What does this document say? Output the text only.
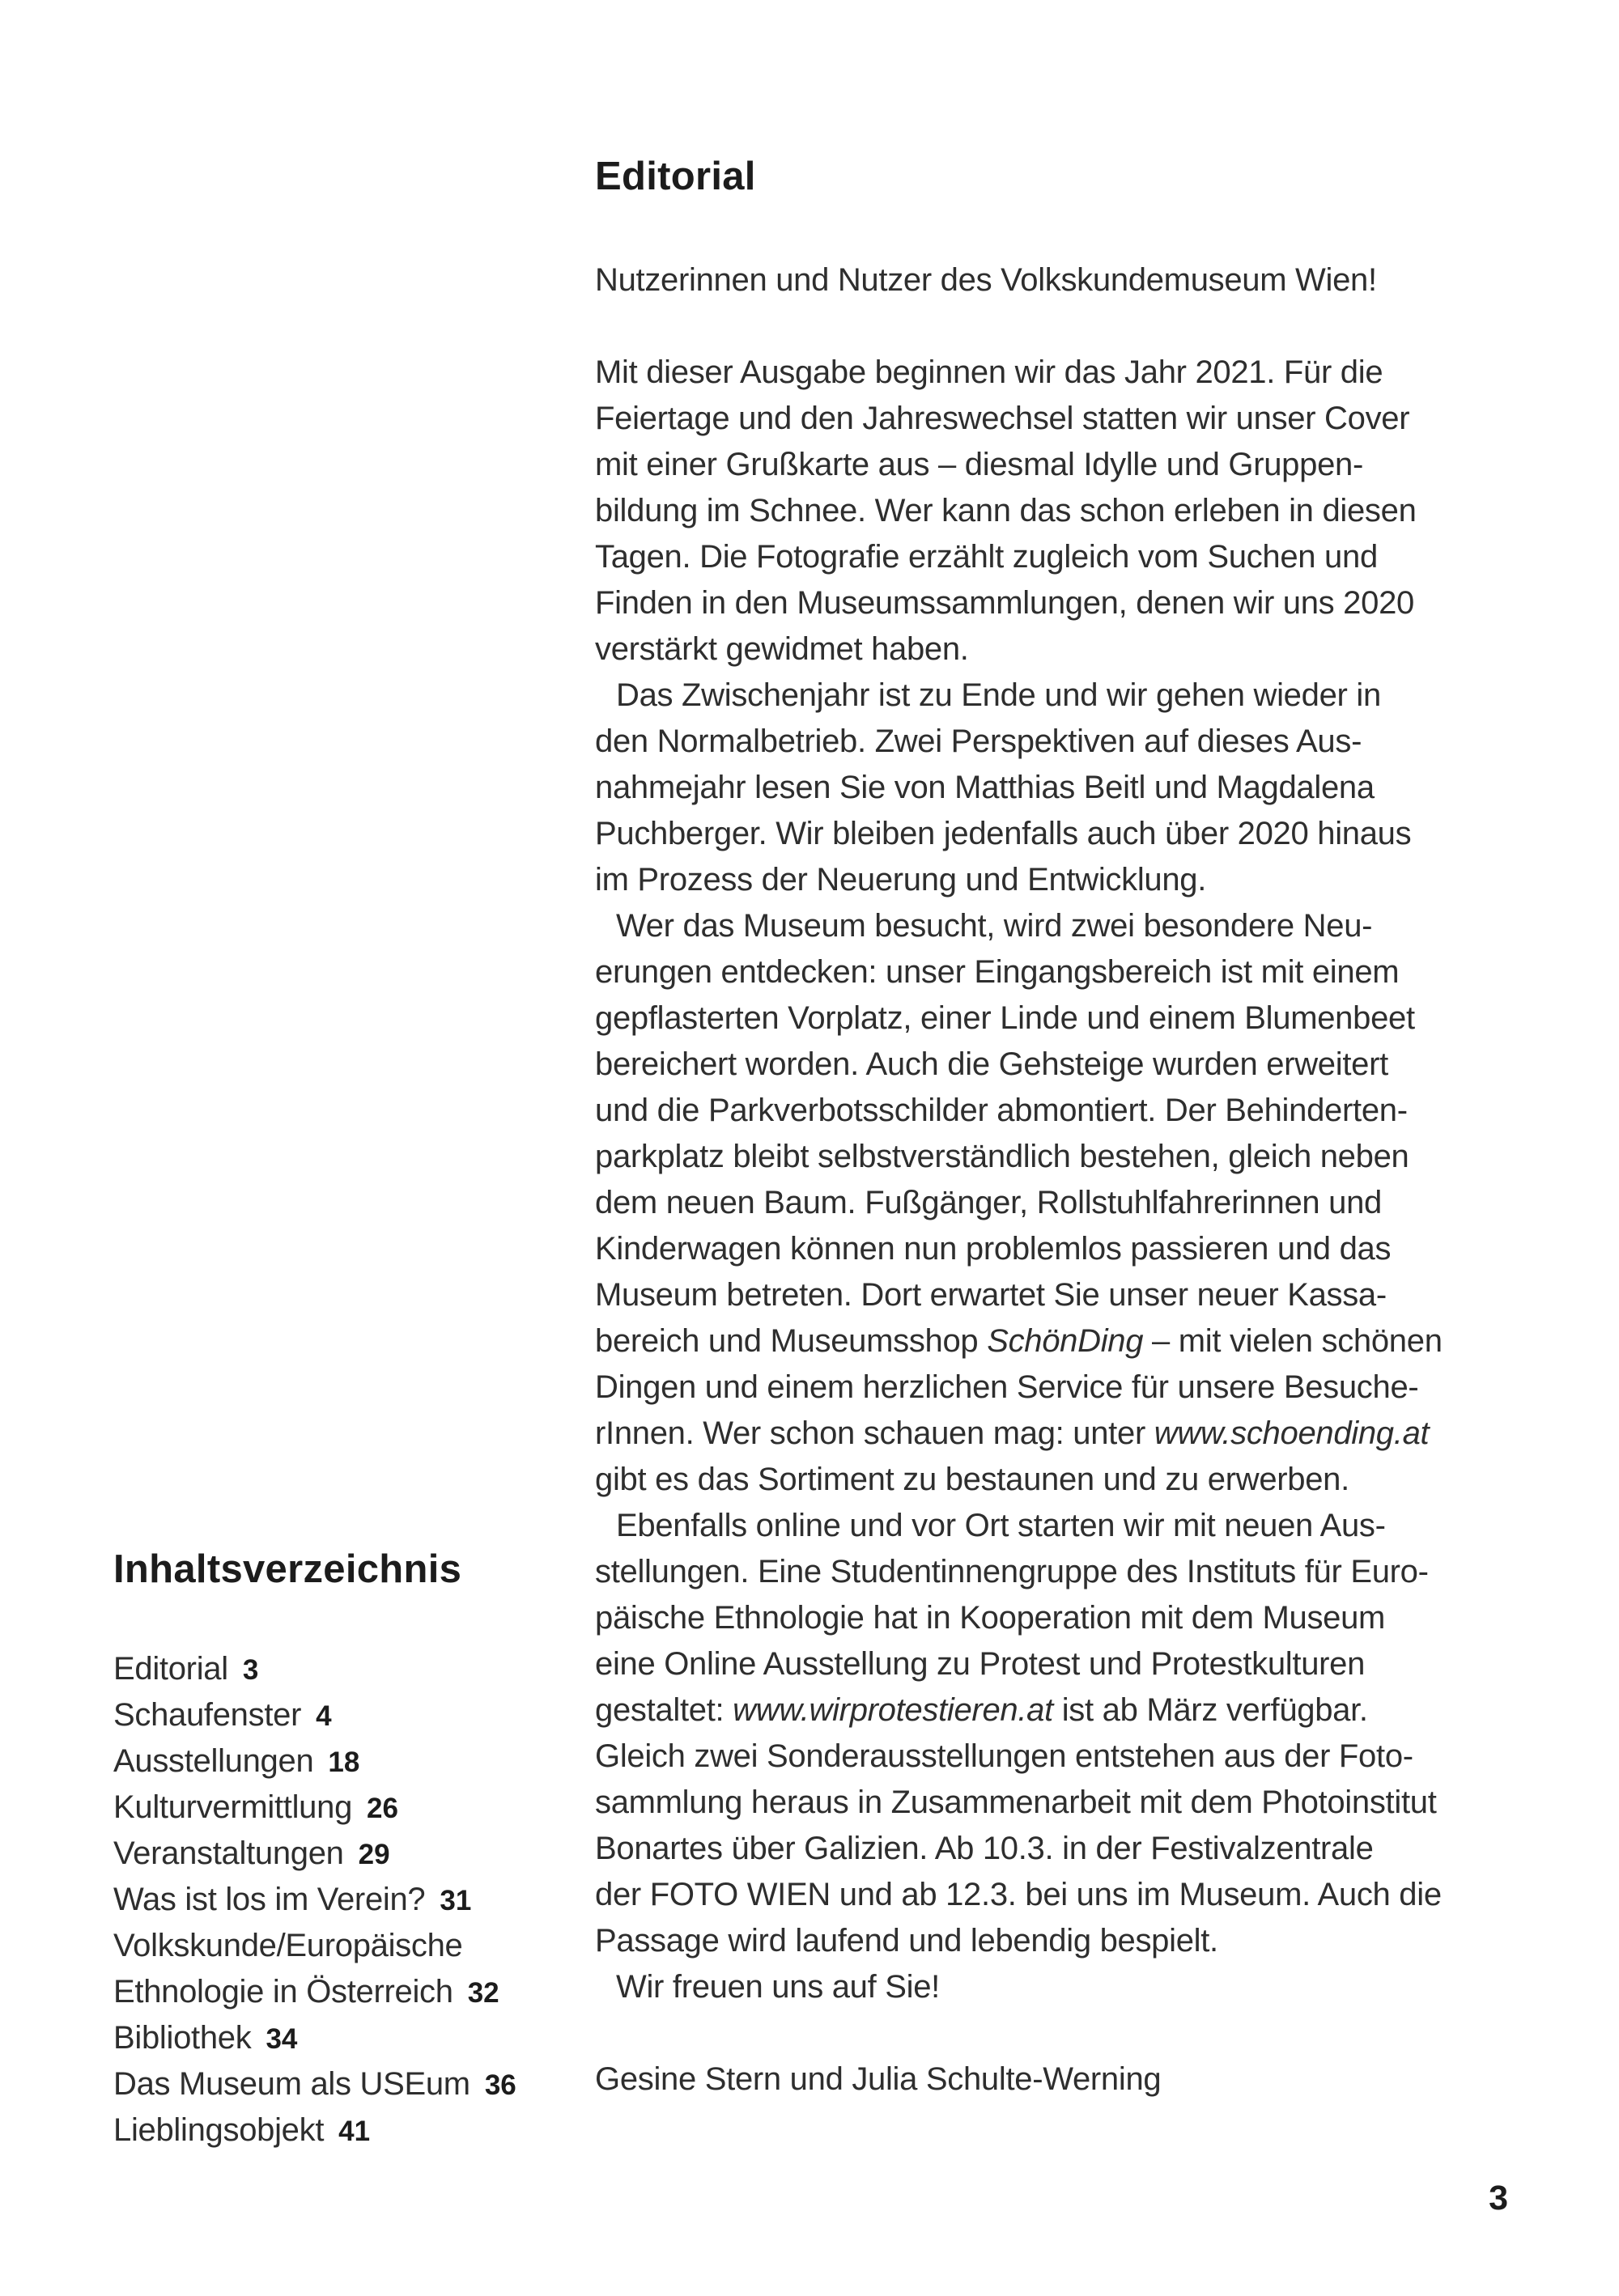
Editorial
Nutzerinnen und Nutzer des Volkskundemuseum Wien!
Mit dieser Ausgabe beginnen wir das Jahr 2021. Für die
Feiertage und den Jahreswechsel statten wir unser Cover
mit einer Grußkarte aus – diesmal Idylle und Gruppen-
bildung im Schnee. Wer kann das schon erleben in diesen
Tagen. Die Fotografie erzählt zugleich vom Suchen und
Finden in den Museumssammlungen, denen wir uns 2020
verstärkt gewidmet haben.
Das Zwischenjahr ist zu Ende und wir gehen wieder in
den Normalbetrieb. Zwei Perspektiven auf dieses Aus-
nahmejahr lesen Sie von Matthias Beitl und Magdalena
Puchberger. Wir bleiben jedenfalls auch über 2020 hinaus
im Prozess der Neuerung und Entwicklung.
Wer das Museum besucht, wird zwei besondere Neu-
erungen entdecken: unser Eingangsbereich ist mit einem
gepflasterten Vorplatz, einer Linde und einem Blumenbeet
bereichert worden. Auch die Gehsteige wurden erweitert
und die Parkverbotsschilder abmontiert. Der Behinderten-
parkplatz bleibt selbstverständlich bestehen, gleich neben
dem neuen Baum. Fußgänger, Rollstuhlfahrerinnen und
Kinderwagen können nun problemlos passieren und das
Museum betreten. Dort erwartet Sie unser neuer Kassa-
bereich und Museumsshop SchönDing – mit vielen schönen
Dingen und einem herzlichen Service für unsere Besuche-
rInnen. Wer schon schauen mag: unter www.schoending.at
gibt es das Sortiment zu bestaunen und zu erwerben.
Ebenfalls online und vor Ort starten wir mit neuen Aus-
stellungen. Eine Studentinnengruppe des Instituts für Euro-
päische Ethnologie hat in Kooperation mit dem Museum
eine Online Ausstellung zu Protest und Protestkulturen
gestaltet: www.wirprotestieren.at ist ab März verfügbar.
Gleich zwei Sonderausstellungen entstehen aus der Foto-
sammlung heraus in Zusammenarbeit mit dem Photoinstitut
Bonartes über Galizien. Ab 10.3. in der Festivalzentrale
der FOTO WIEN und ab 12.3. bei uns im Museum. Auch die
Passage wird laufend und lebendig bespielt.
Wir freuen uns auf Sie!
Gesine Stern und Julia Schulte-Werning
Inhaltsverzeichnis
Editorial 3
Schaufenster 4
Ausstellungen 18
Kulturvermittlung 26
Veranstaltungen 29
Was ist los im Verein? 31
Volkskunde/Europäische
Ethnologie in Österreich 32
Bibliothek 34
Das Museum als USEum 36
Lieblingsobjekt 41
3
